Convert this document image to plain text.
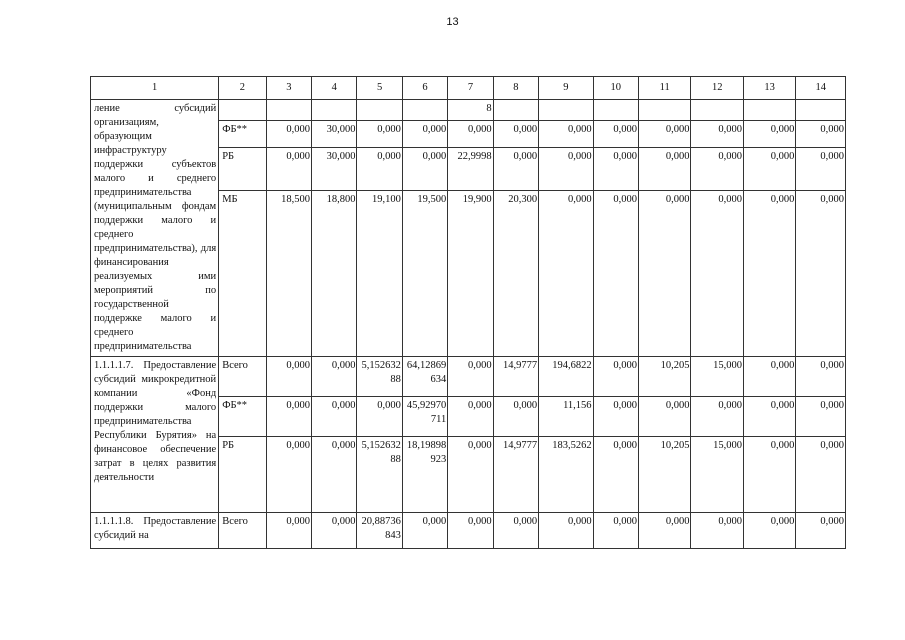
13
1	2	3	4	5	6	7	8	9	10	11	12	13	14
ление субсидий организациям, образующим инфраструктуру поддержки субъектов малого и среднего предпринимательства (муниципальным фондам поддержки малого и среднего предпринимательства), для финансирования реализуемых ими мероприятий по государственной поддержке малого и среднего предпринимательства						8							
	ФБ**	0,000	30,000	0,000	0,000	0,000	0,000	0,000	0,000	0,000	0,000	0,000	0,000
	РБ	0,000	30,000	0,000	0,000	22,9998	0,000	0,000	0,000	0,000	0,000	0,000	0,000
	МБ	18,500	18,800	19,100	19,500	19,900	20,300	0,000	0,000	0,000	0,000	0,000	0,000
1.1.1.1.7. Предоставление субсидий микрокредитной компании «Фонд поддержки малого предпринимательства Республики Бурятия» на финансовое обеспечение затрат в целях развития деятельности	Всего	0,000	0,000	5,15263288	64,12869634	0,000	14,9777	194,6822	0,000	10,205	15,000	0,000	0,000
	ФБ**	0,000	0,000	0,000	45,92970711	0,000	0,000	11,156	0,000	0,000	0,000	0,000	0,000
	РБ	0,000	0,000	5,15263288	18,19898923	0,000	14,9777	183,5262	0,000	10,205	15,000	0,000	0,000
1.1.1.1.8. Предоставление субсидий на	Всего	0,000	0,000	20,88736843	0,000	0,000	0,000	0,000	0,000	0,000	0,000	0,000	0,000
